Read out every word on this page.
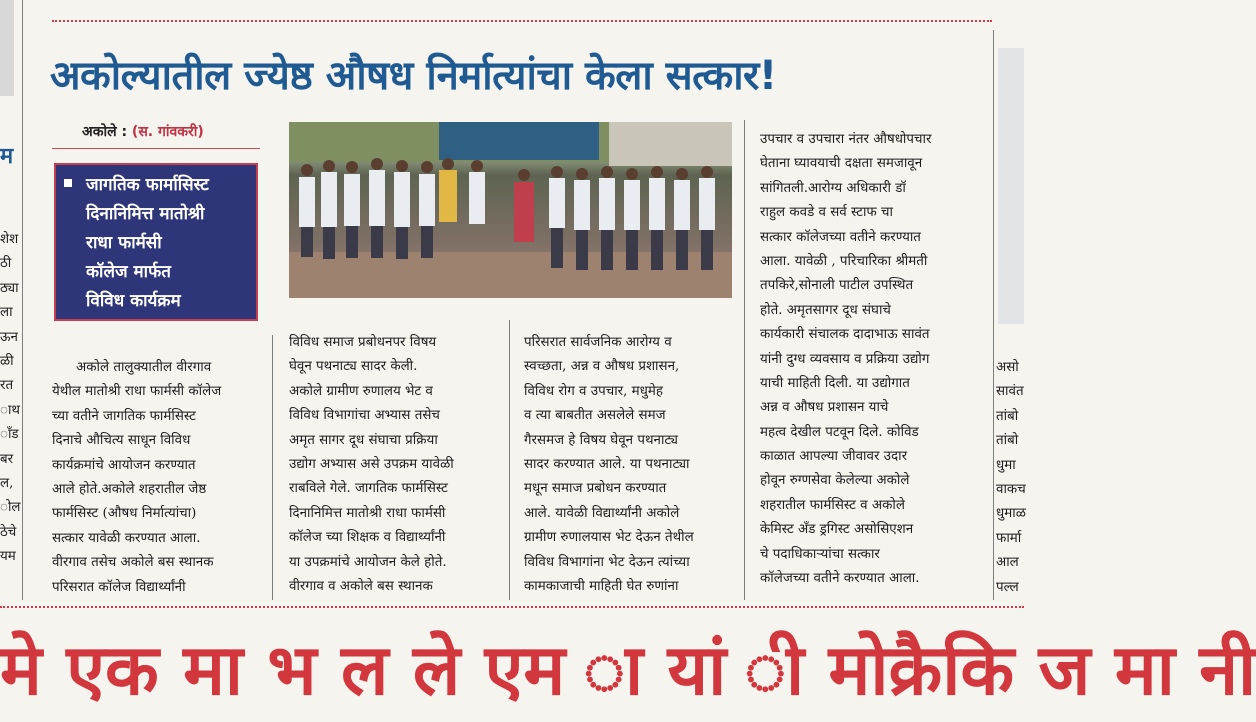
अकोल्यातील ज्येष्ठ औषध निर्मात्यांचा केला सत्कार!
अकोले : (स. गांवकरी)
जागतिक फार्मासिस्ट
दिनानिमित्त मातोश्री
राधा फार्मसी
कॉलेज मार्फत
विविध कार्यक्रम
अकोले तालुक्यातील वीरगाव
येथील मातोश्री राधा फार्मसी कॉलेज
च्या वतीने जागतिक फार्मसिस्ट
दिनाचे औचित्य साधून विविध
कार्यक्रमांचे आयोजन करण्यात
आले होते.अकोले शहरातील जेष्ठ
फार्मसिस्ट (औषध निर्मात्यांचा)
सत्कार यावेळी करण्यात आला.
वीरगाव तसेच अकोले बस स्थानक
परिसरात कॉलेज विद्यार्थ्यांनी
विविध समाज प्रबोधनपर विषय
घेवून पथनाट्य सादर केली.
अकोले ग्रामीण रुणालय भेट व
विविध विभागांचा अभ्यास तसेच
अमृत सागर दूध संघाचा प्रक्रिया
उद्योग अभ्यास असे उपक्रम यावेळी
राबविले गेले. जागतिक फार्मसिस्ट
दिनानिमित्त मातोश्री राधा फार्मसी
कॉलेज च्या शिक्षक व विद्यार्थ्यांनी
या उपक्रमांचे आयोजन केले होते.
वीरगाव व अकोले बस स्थानक
परिसरात सार्वजनिक आरोग्य व
स्वच्छता, अन्न व औषध प्रशासन,
विविध रोग व उपचार, मधुमेह
व त्या बाबतीत असलेले समज
गैरसमज हे विषय घेवून पथनाट्य
सादर करण्यात आले. या पथनाट्या
मधून समाज प्रबोधन करण्यात
आले. यावेळी विद्यार्थ्यांनी अकोले
ग्रामीण रुणालयास भेट देऊन तेथील
विविध विभागांना भेट देऊन त्यांच्या
कामकाजाची माहिती घेत रुणांना
उपचार व उपचारा नंतर औषधोपचार
घेताना घ्यावयाची दक्षता समजावून
सांगितली.आरोग्य अधिकारी डॉ
राहुल कवडे व सर्व स्टाफ चा
सत्कार कॉलेजच्या वतीने करण्यात
आला. यावेळी , परिचारिका श्रीमती
तपकिरे,सोनाली पाटील उपस्थित
होते. अमृतसागर दूध संघाचे
कार्यकारी संचालक दादाभाऊ सावंत
यांनी दुग्ध व्यवसाय व प्रक्रिया उद्योग
याची माहिती दिली. या उद्योगात
अन्न व औषध प्रशासन याचे
महत्व देखील पटवून दिले. कोविड
काळात आपल्या जीवावर उदार
होवून रुग्णसेवा केलेल्या अकोले
शहरातील फार्मसिस्ट व अकोले
केमिस्ट अँड ड्रगिस्ट असोसिएशन
चे पदाधिकाऱ्यांचा सत्कार
कॉलेजच्या वतीने करण्यात आला.
म
शेश
ठी
ठ्या
ला
ऊन
ळी
रत
ाथ
ाँड
बर
ल,
ोल
ठेचे
यम
असो
सावंत
तांबो
तांबो
धुमा
वाकच
धुमाळ
फार्मा
आल
पल्ल
मे एक मा भ ल ले एम ा यां ी मोक्रैकि ज मा नी
